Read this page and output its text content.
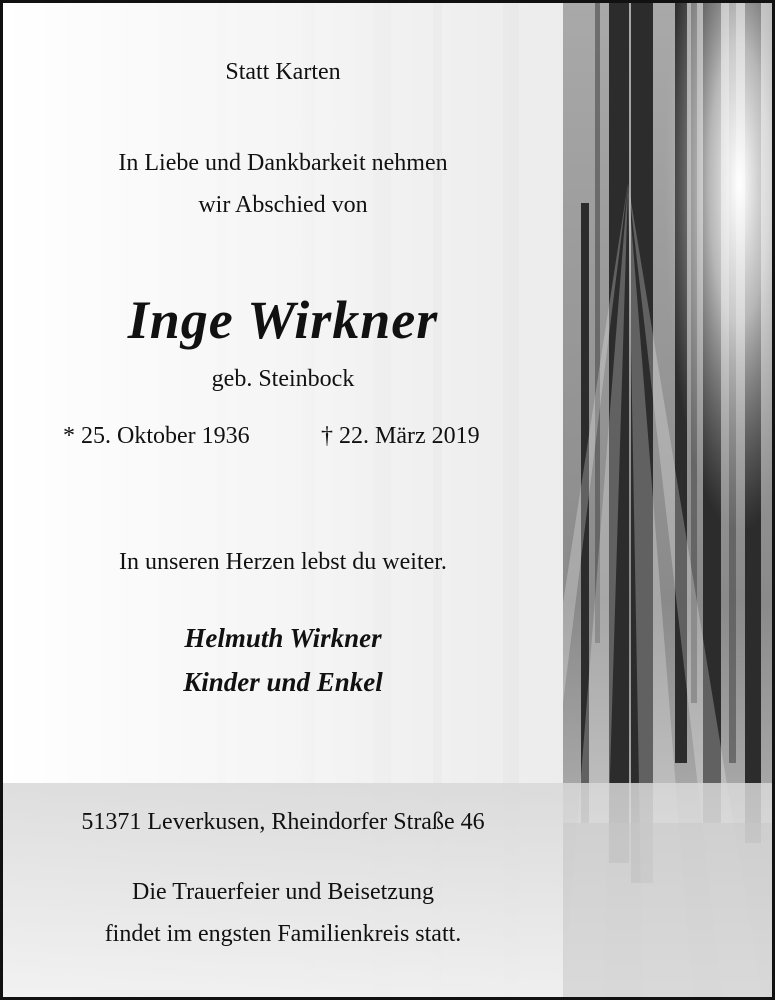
Statt Karten

In Liebe und Dankbarkeit nehmen

wir Abschied von

Inge Wirkner

geb. Steinbock

* 25. Oktober 1936	† 22. März 2019

In unseren Herzen lebst du weiter.

Helmuth Wirkner

Kinder und Enkel

51371 Leverkusen, Rheindorfer Straße 46

Die Trauerfeier und Beisetzung

findet im engsten Familienkreis statt.
